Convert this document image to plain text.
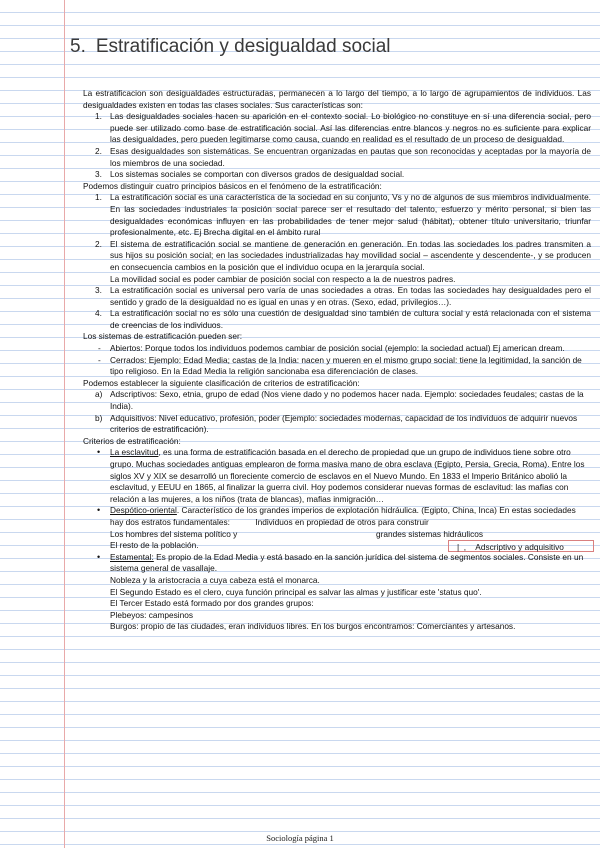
5. Estratificación y desigualdad social

La estratificacion son desigualdades estructuradas, permanecen a lo largo del tiempo, a lo largo de agrupamientos de individuos. Las desigualdades existen en todas las clases sociales. Sus características son:

1. Las desigualdades sociales hacen su aparición en el contexto social. Lo biológico no constituye en sí una diferencia social, pero puede ser utilizado como base de estratificación social. Así las diferencias entre blancos y negros no es suficiente para explicar las desigualdades, pero pueden legitimarse como causa, cuando en realidad es el resultado de un proceso de desigualdad.
2. Esas desigualdades son sistemáticas. Se encuentran organizadas en pautas que son reconocidas y aceptadas por la mayoría de los miembros de una sociedad.
3. Los sistemas sociales se comportan con diversos grados de desigualdad social.

Podemos distinguir cuatro principios básicos en el fenómeno de la estratificación:

1. La estratificación social es una característica de la sociedad en su conjunto, Vs y no de algunos de sus miembros individualmente. En las sociedades industriales la posición social parece ser el resultado del talento, esfuerzo y mérito personal, si bien las desigualdades económicas influyen en las probabilidades de tener mejor salud (hábitat), obtener título universitario, triunfar profesionalmente, etc. Ej Brecha digital en el ámbito rural
2. El sistema de estratificación social se mantiene de generación en generación. En todas las sociedades los padres transmiten a sus hijos su posición social; en las sociedades industrializadas hay movilidad social – ascendente y descendente-, y se producen en consecuencia cambios en la posición que el individuo ocupa en la jerarquía social.
La movilidad social es poder cambiar de posición social con respecto a la de nuestros padres.
3. La estratificación social es universal pero varía de unas sociedades a otras. En todas las sociedades hay desigualdades pero el sentido y grado de la desigualdad no es igual en unas y en otras. (Sexo, edad, privilegios…).
4. La estratificación social no es sólo una cuestión de desigualdad sino también de cultura social y está relacionada con el sistema de creencias de los individuos.

Los sistemas de estratificación pueden ser:

- Abiertos: Porque todos los individuos podemos cambiar de posición social (ejemplo: la sociedad actual) Ej american dream.
- Cerrados: Ejemplo: Edad Media; castas de la India: nacen y mueren en el mismo grupo social: tiene la legitimidad, la sanción de tipo religioso. En la Edad Media la religión sancionaba esa diferenciación de clases.

Podemos establecer la siguiente clasificación de criterios de estratificación:

a) Adscriptivos: Sexo, etnia, grupo de edad (Nos viene dado y no podemos hacer nada. Ejemplo: sociedades feudales; castas de la India).
b) Adquisitivos: Nivel educativo, profesión, poder (Ejemplo: sociedades modernas, capacidad de los individuos de adquirir nuevos criterios de estratificación).

Criterios de estratificación:

• La esclavitud, es una forma de estratificación basada en el derecho de propiedad que un grupo de individuos tiene sobre otro grupo. Muchas sociedades antiguas emplearon de forma masiva mano de obra esclava (Egipto, Persia, Grecia, Roma). Entre los siglos XV y XIX se desarrolló un floreciente comercio de esclavos en el Nuevo Mundo. En 1833 el Imperio Británico abolió la esclavitud, y EEUU en 1865, al finalizar la guerra civil. Hoy podemos considerar nuevas formas de esclavitud: las mafias con relación a las mujeres, a los niños (trata de blancas), mafias inmigración…
• Despótico-oriental. Característico de los grandes imperios de explotación hidráulica. (Egipto, China, Inca) En estas sociedades hay dos estratos fundamentales:	Individuos en propiedad de otros para construir
Los hombres del sistema político y	grandes sistemas hidráulicos
El resto de la población.
• Estamental: Es propio de la Edad Media y está basado en la sanción jurídica del sistema de segmentos sociales. Consiste en un sistema general de vasallaje.
Nobleza y la aristocracia a cuya cabeza está el monarca.
El Segundo Estado es el clero, cuya función principal es salvar las almas y justificar este 'status quo'.
El Tercer Estado está formado por dos grandes grupos:
Plebeyos: campesinos
Burgos: propio de las ciudades, eran individuos libres. En los burgos encontramos: Comerciantes y artesanos.
|  ,    Adscriptivo y adquisitivo
Sociología página 1
